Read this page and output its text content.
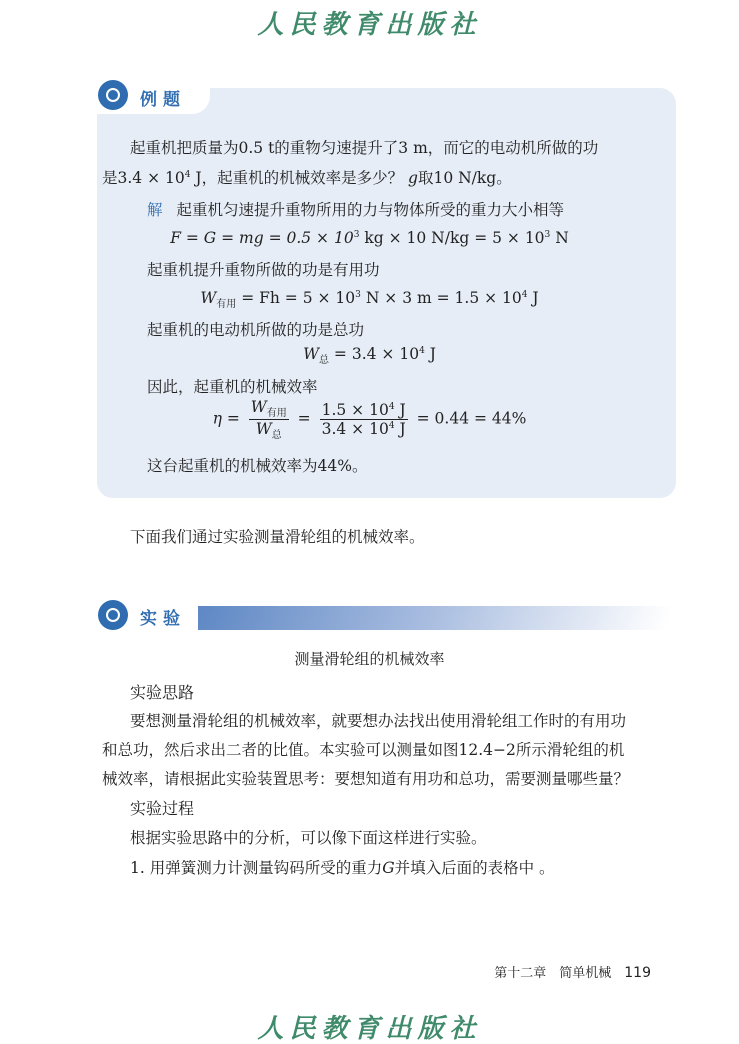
人民教育出版社
例题
起重机把质量为0.5 t的重物匀速提升了3 m，而它的电动机所做的功
是$3.4 \times 10^4$ J，起重机的机械效率是多少？ g取10 N/kg。
解 起重机匀速提升重物所用的力与物体所受的重力大小相等
F = G = mg = $0.5 \times 10^3$ kg × 10 $N/kg = 5 \times 10^3$ N
起重机提升重物所做的功是有用功
$W_{有用} = Fh = 5 \times 10^3$ N × 3 $m = 1.5 \times 10^4$ J
起重机的电动机所做的功是总功
$W_总 = 3.4 \times 10^4$ J
因此，起重机的机械效率
$\eta = \frac{W_{有用}}{W_总} = \frac{1.5 \times 10^4 J}{3.4 \times 10^4 J} = 0.44 = 44\%$
这台起重机的机械效率为44%。
下面我们通过实验测量滑轮组的机械效率。
实验
测量滑轮组的机械效率
实验思路
要想测量滑轮组的机械效率，就要想办法找出使用滑轮组工作时的有用功
和总功，然后求出二者的比值。本实验可以测量如图12.4−2所示滑轮组的机
械效率，请根据此实验装置思考：要想知道有用功和总功，需要测量哪些量？
实验过程
根据实验思路中的分析，可以像下面这样进行实验。
1. 用弹簧测力计测量钩码所受的重力G并填入后面的表格中 。
第十二章　简单机械　 119
人民教育出版社
